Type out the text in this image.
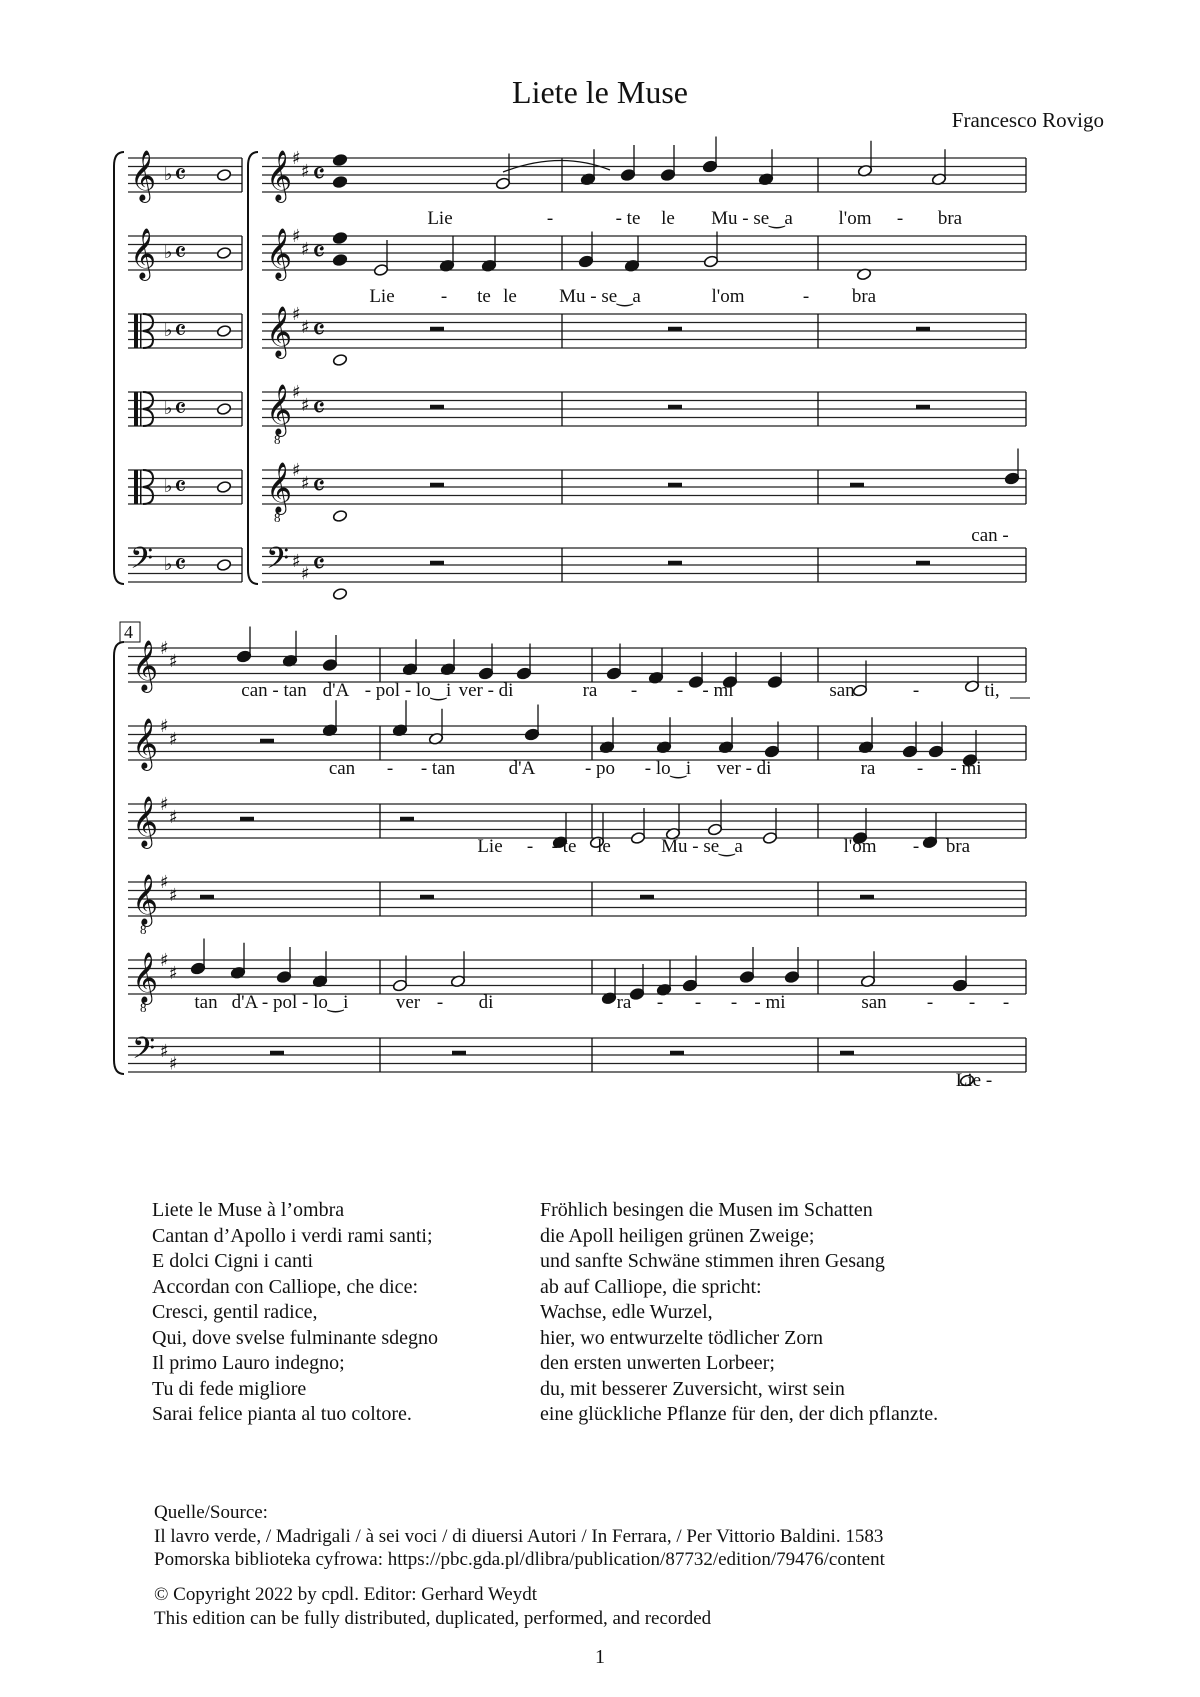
Liete le Muse
Francesco Rovigo
𝄞 ♭ 𝄴 𝄞 ♯
♯ 𝄴
𝄞 ♭ 𝄴 𝄞 ♯
♯ 𝄴
♭ 𝄴 𝄞 ♯
♯ 𝄴
♭ 𝄴 𝄞
8
♯
♯ 𝄴
♭ 𝄴 𝄞
8
♯
♯ 𝄴
𝄢 ♭ 𝄴 𝄢 ♯
♯ 𝄴
Lie	-	- te le Mu - se‿a l'om - bra
Lie - te le Mu - se‿a	l'om	- bra
can -
4
𝄞 ♯
♯
𝄞 ♯
♯
𝄞 ♯
♯
𝄞
8
♯
♯
𝄞
8
♯
♯
𝄢 ♯
♯
can - tan d'A - pol - lo‿i ver - di	ra - - - mi	san	-	ti,
can - - tan	d'A	- po - lo‿i ver - di	ra - - mi
Lie - - te le	Mu - se‿a	l'om - bra
tan d'A - pol - lo‿i ver - di	ra - - - - mi	san - - -
Lie -
Liete le Muse à l’ombra
Cantan d’Apollo i verdi rami santi;
E dolci Cigni i canti
Accordan con Calliope, che dice:
Cresci, gentil radice,
Qui, dove svelse fulminante sdegno
Il primo Lauro indegno;
Tu di fede migliore
Sarai felice pianta al tuo coltore.
Fröhlich besingen die Musen im Schatten
die Apoll heiligen grünen Zweige;
und sanfte Schwäne stimmen ihren Gesang
ab auf Calliope, die spricht:
Wachse, edle Wurzel,
hier, wo entwurzelte tödlicher Zorn
den ersten unwerten Lorbeer;
du, mit besserer Zuversicht, wirst sein
eine glückliche Pflanze für den, der dich pflanzte.
Quelle/Source:
Il lavro verde, / Madrigali / à sei voci / di diuersi Autori / In Ferrara, / Per Vittorio Baldini. 1583
Pomorska biblioteka cyfrowa: https://pbc.gda.pl/dlibra/publication/87732/edition/79476/content
© Copyright 2022 by cpdl. Editor: Gerhard Weydt
This edition can be fully distributed, duplicated, performed, and recorded
1
